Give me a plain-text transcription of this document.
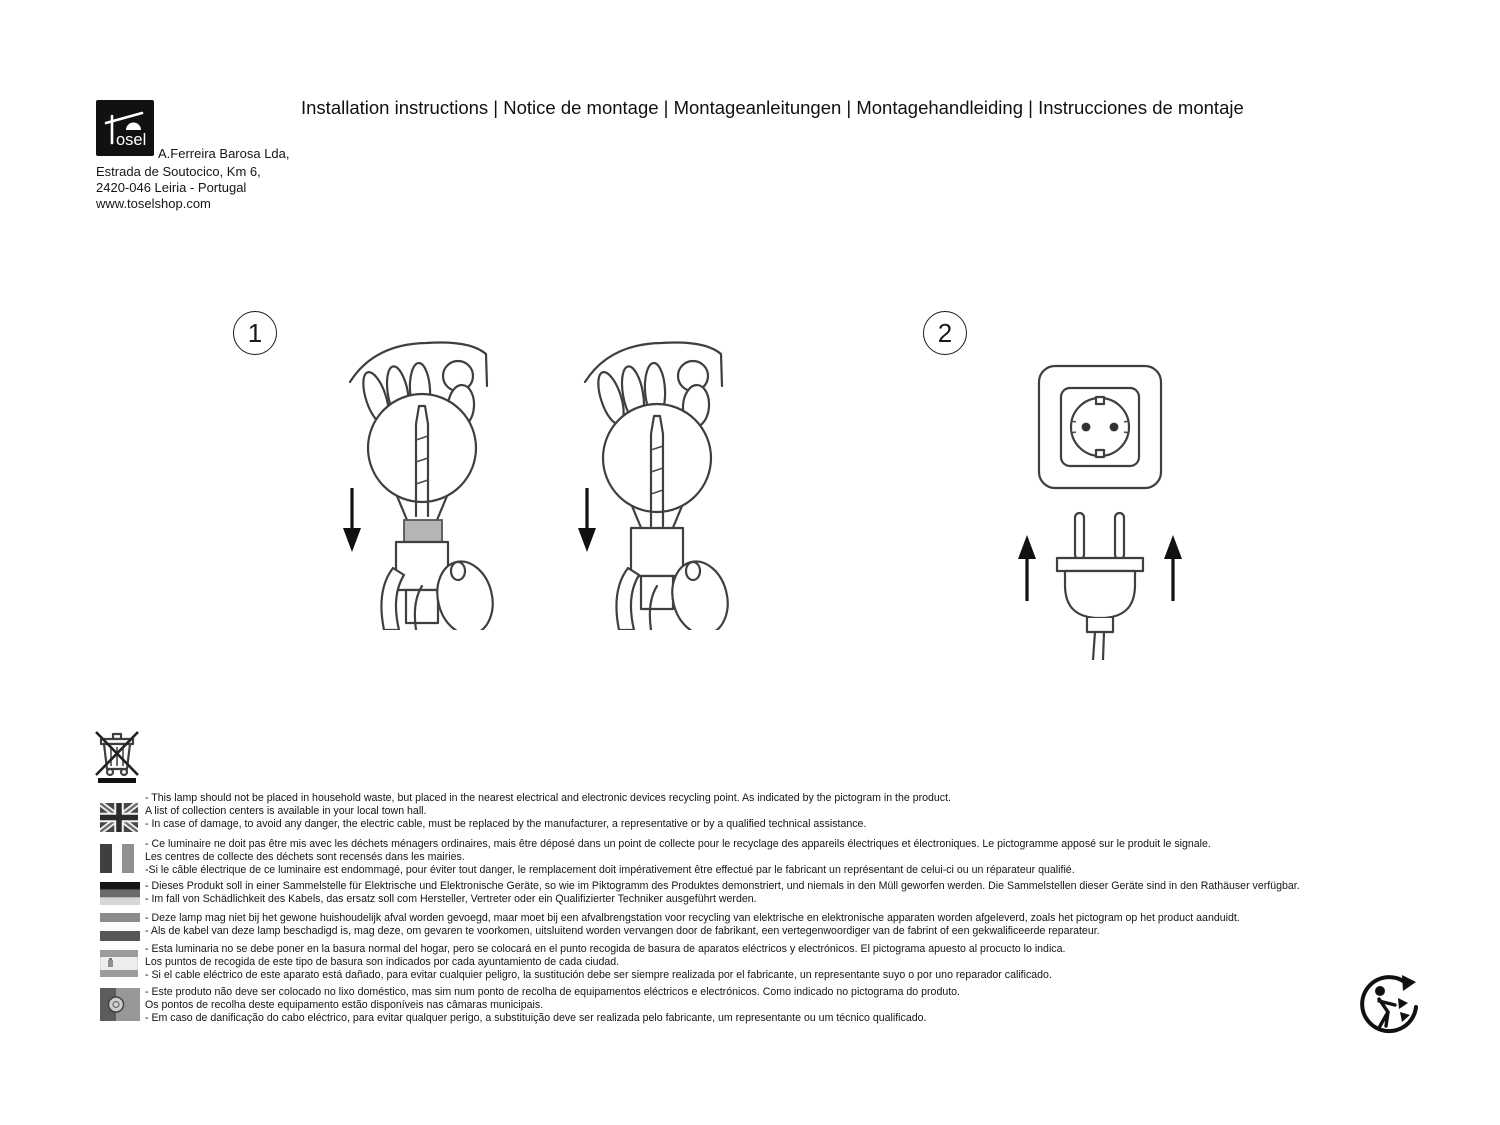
osel
Installation instructions | Notice de montage | Montageanleitungen | Montagehandleiding | Instrucciones de montaje
A.Ferreira Barosa Lda,
Estrada de Soutocico, Km 6,
2420-046 Leiria - Portugal
www.toselshop.com
1	2
- This lamp should not be placed in household waste, but placed in the nearest electrical and electronic devices recycling point. As indicated by the pictogram in the product.
A list of collection centers is available in your local town hall.
- In case of damage, to avoid any danger, the electric cable, must be replaced by the manufacturer, a representative or by a qualified technical assistance.
- Ce luminaire ne doit pas être mis avec les déchets ménagers ordinaires, mais être déposé dans un point de collecte pour le recyclage des appareils électriques et électroniques. Le pictogramme apposé sur le produit le signale.
Les centres de collecte des déchets sont recensés dans les mairies.
-Si le câble électrique de ce luminaire est endommagé, pour éviter tout danger, le remplacement doit impérativement être effectué par le fabricant un représentant de celui-ci ou un réparateur qualifié.
- Dieses Produkt soll in einer Sammelstelle für Elektrische und Elektronische Geräte, so wie im Piktogramm des Produktes demonstriert, und niemals in den Müll geworfen werden. Die Sammelstellen dieser Geräte sind in den Rathäuser verfügbar.
- Im fall von Schädlichkeit des Kabels, das ersatz soll com Hersteller, Vertreter oder ein Qualifizierter Techniker ausgeführt werden.
- Deze lamp mag niet bij het gewone huishoudelijk afval worden gevoegd, maar moet bij een afvalbrengstation voor recycling van elektrische en elektronische apparaten worden afgeleverd, zoals het pictogram op het product aanduidt.
- Als de kabel van deze lamp beschadigd is, mag deze, om gevaren te voorkomen, uitsluitend worden vervangen door de fabrikant, een vertegenwoordiger van de fabrint of een gekwalificeerde reparateur.
- Esta luminaria no se debe poner en la basura normal del hogar, pero se colocará en el punto recogida de basura de aparatos eléctricos y electrónicos. El pictograma apuesto al procucto lo indica.
Los puntos de recogida de este tipo de basura son indicados por cada ayuntamiento de cada ciudad.
- Si el cable eléctrico de este aparato está dañado, para evitar cualquier peligro, la sustitución debe ser siempre realizada por el fabricante, un representante suyo o por uno reparador calificado.
- Este produto não deve ser colocado no lixo doméstico, mas sim num ponto de recolha de equipamentos eléctricos e electrónicos. Como indicado no pictograma do produto.
Os pontos de recolha deste equipamento estão disponíveis nas câmaras municipais.
- Em caso de danificação do cabo eléctrico, para evitar qualquer perigo, a substituição deve ser realizada pelo fabricante, um representante ou um técnico qualificado.
